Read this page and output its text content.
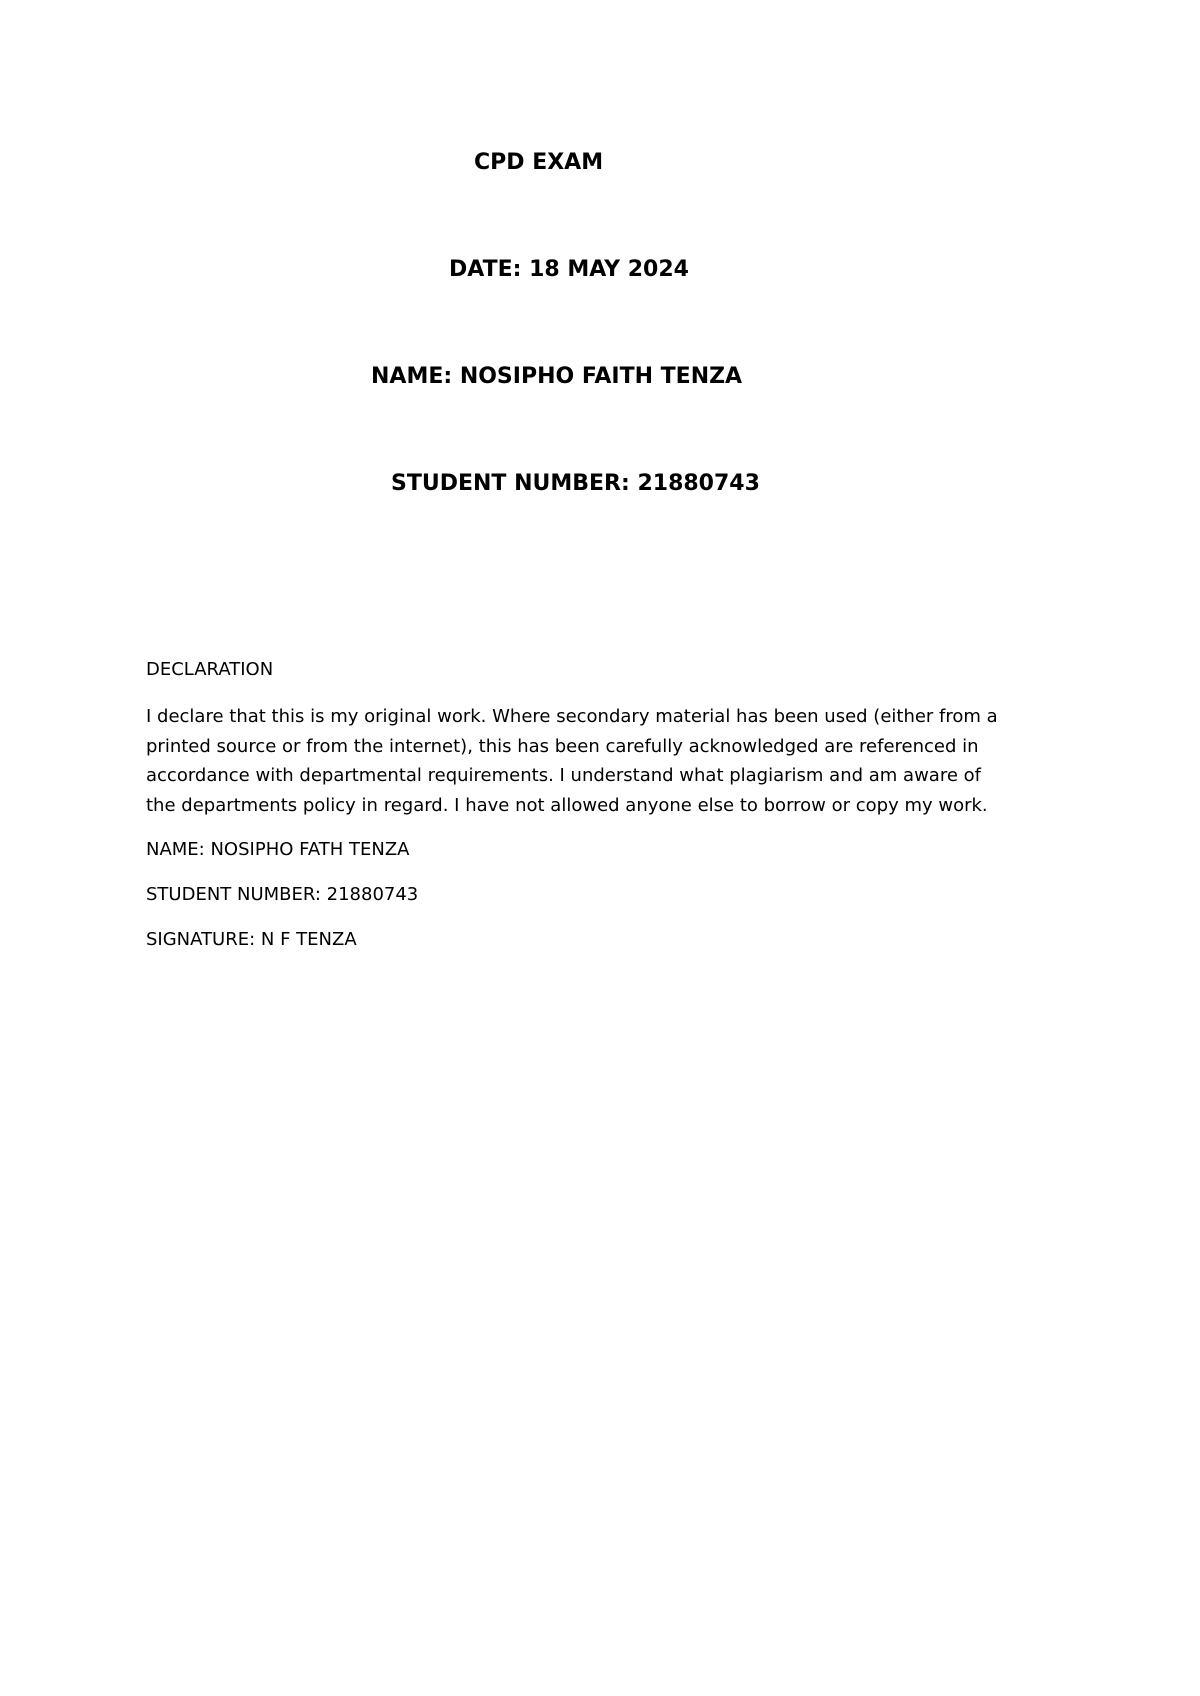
CPD EXAM
DATE: 18 MAY 2024
NAME: NOSIPHO FAITH TENZA
STUDENT NUMBER: 21880743
DECLARATION
I declare that this is my original work. Where secondary material has been used (either from a
printed source or from the internet), this has been carefully acknowledged are referenced in
accordance with departmental requirements. I understand what plagiarism and am aware of
the departments policy in regard. I have not allowed anyone else to borrow or copy my work.
NAME: NOSIPHO FATH TENZA
STUDENT NUMBER: 21880743
SIGNATURE: N F TENZA
